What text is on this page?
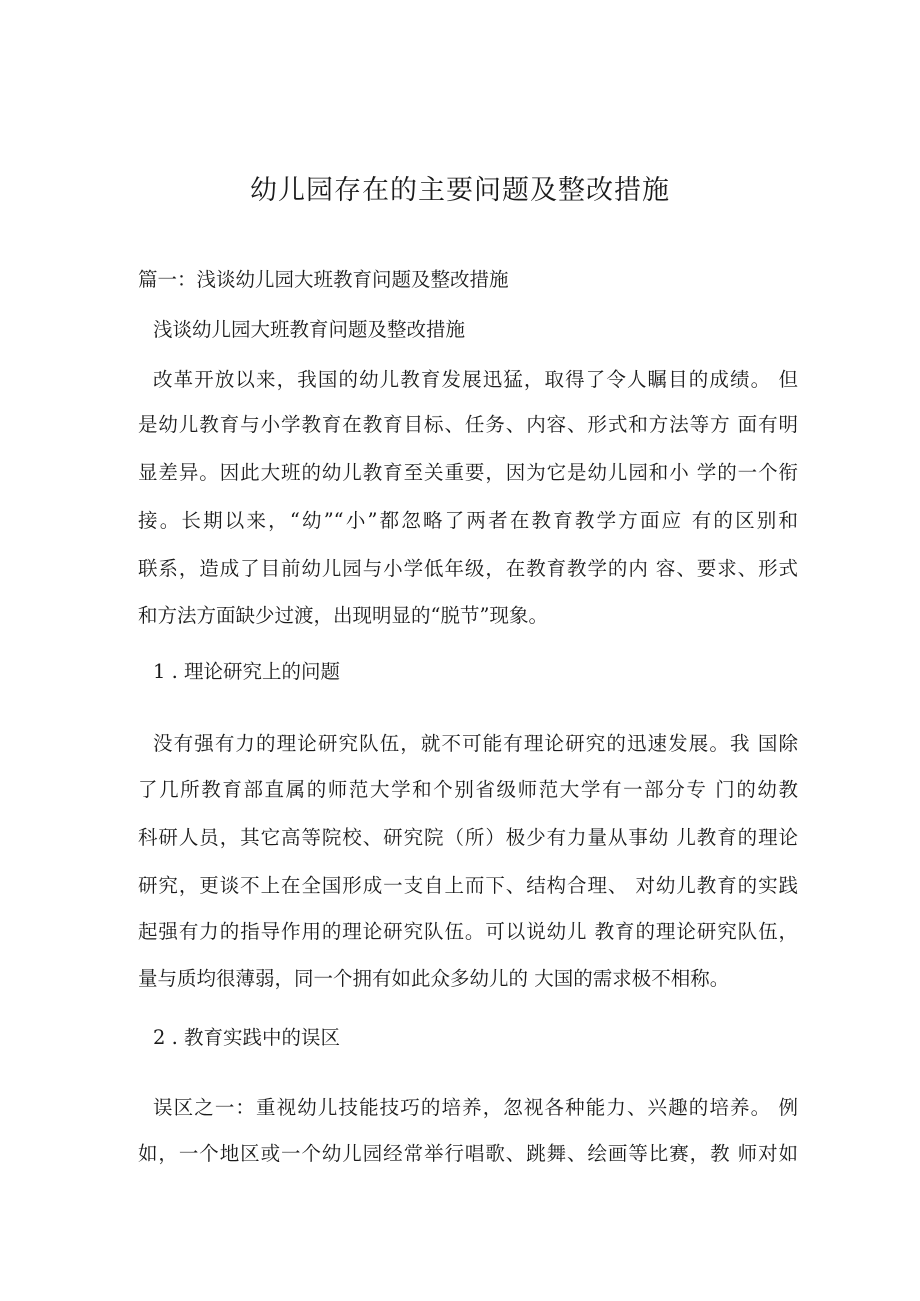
幼儿园存在的主要问题及整改措施

篇一：浅谈幼儿园大班教育问题及整改措施

浅谈幼儿园大班教育问题及整改措施

改革开放以来，我国的幼儿教育发展迅猛，取得了令人瞩目的成绩。 但

是幼儿教育与小学教育在教育目标、任务、内容、形式和方法等方 面有明

显差异。因此大班的幼儿教育至关重要，因为它是幼儿园和小 学的一个衔

接。长期以来，“幼”“小”都忽略了两者在教育教学方面应 有的区别和

联系，造成了目前幼儿园与小学低年级，在教育教学的内 容、要求、形式

和方法方面缺少过渡，出现明显的“脱节”现象。

1 . 理论研究上的问题

没有强有力的理论研究队伍，就不可能有理论研究的迅速发展。我 国除

了几所教育部直属的师范大学和个别省级师范大学有一部分专 门的幼教

科研人员，其它高等院校、研究院（所）极少有力量从事幼 儿教育的理论

研究，更谈不上在全国形成一支自上而下、结构合理、 对幼儿教育的实践

起强有力的指导作用的理论研究队伍。可以说幼儿 教育的理论研究队伍，

量与质均很薄弱，同一个拥有如此众多幼儿的 大国的需求极不相称。

2 . 教育实践中的误区

误区之一：重视幼儿技能技巧的培养，忽视各种能力、兴趣的培养。 例

如，一个地区或一个幼儿园经常举行唱歌、跳舞、绘画等比赛，教 师对如
